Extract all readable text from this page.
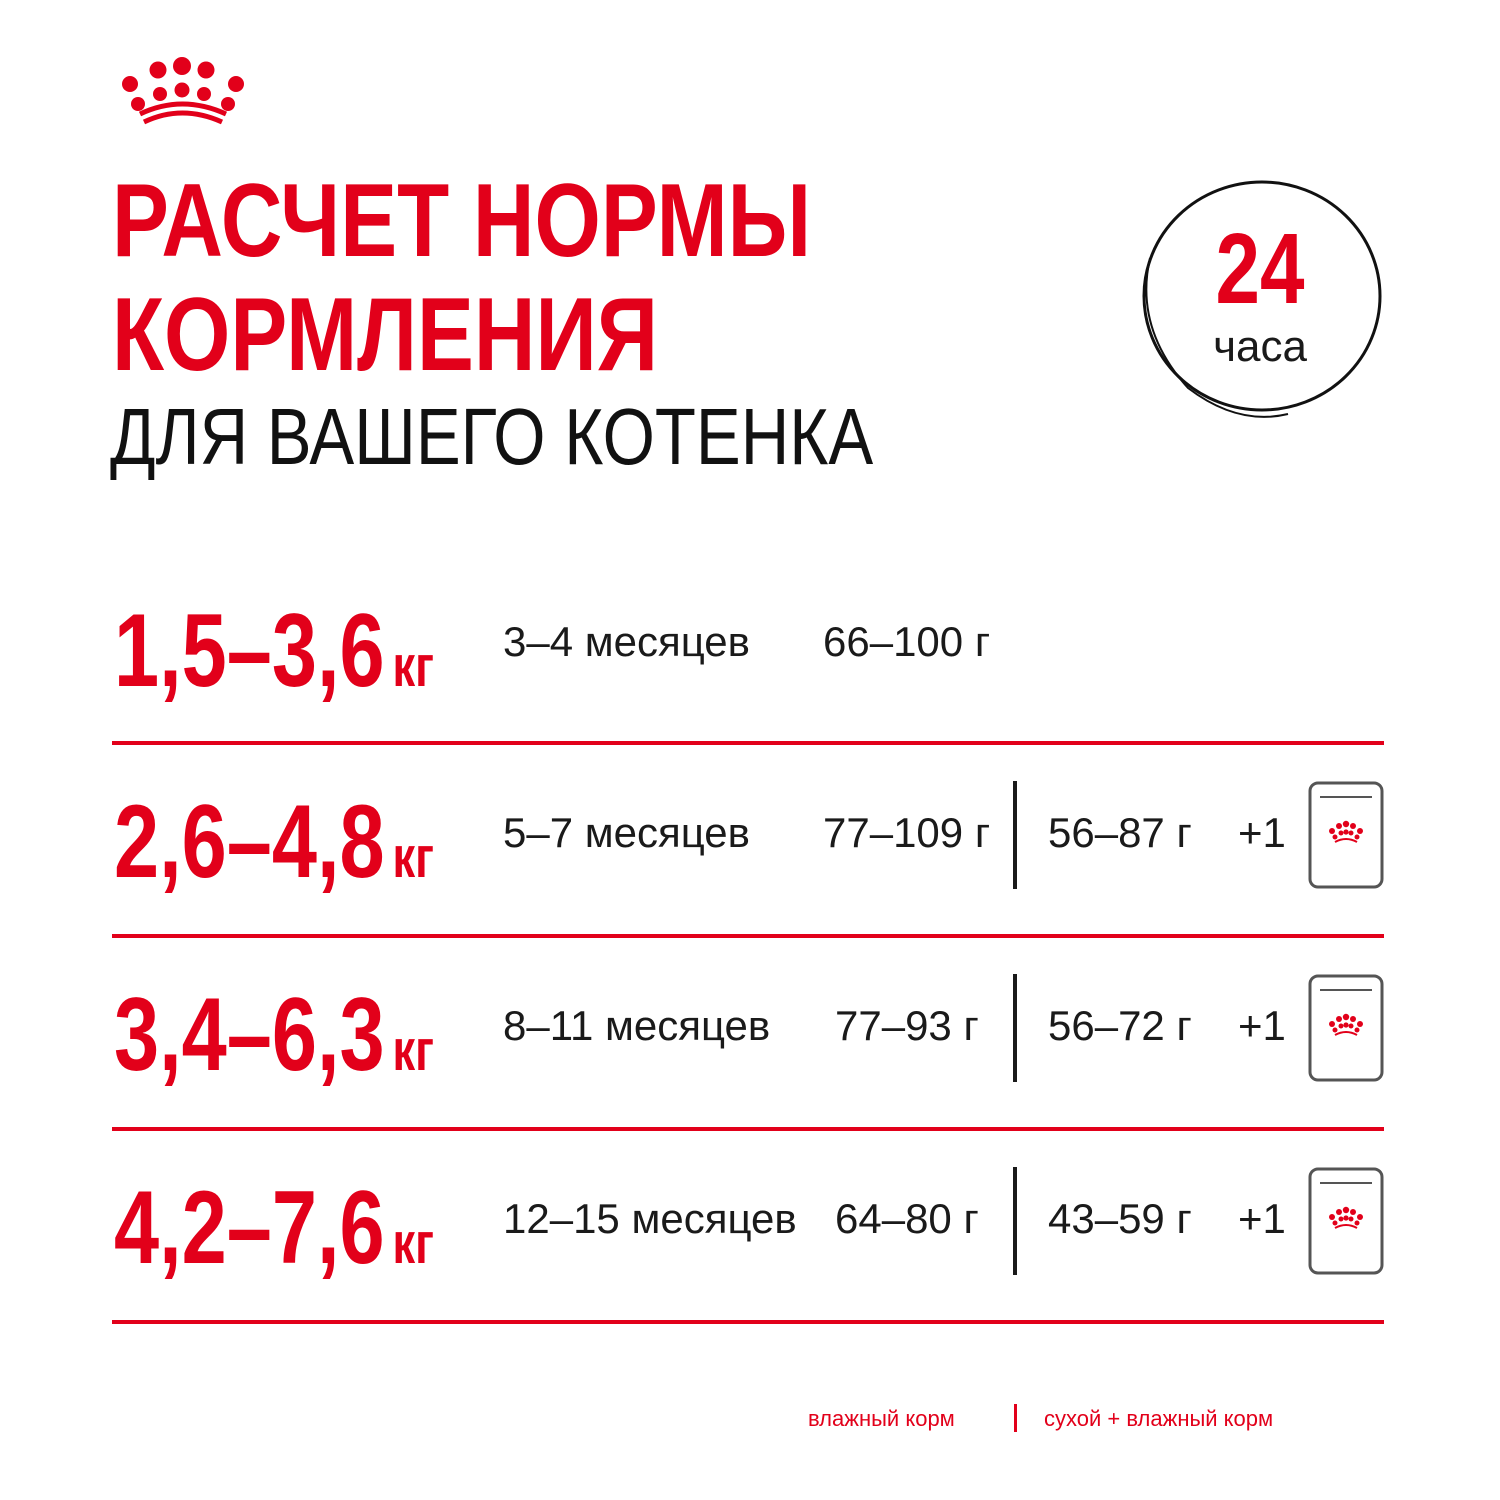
РАСЧЕТ НОРМЫ
КОРМЛЕНИЯ
ДЛЯ ВАШЕГО КОТЕНКА
24
часа
1,5–3,6 кг 3–4 месяцев 66–100 г
2,6–4,8 кг 5–7 месяцев 77–109 г 56–87 г +1
3,4–6,3 кг 8–11 месяцев 77–93 г 56–72 г +1
4,2–7,6 кг 12–15 месяцев 64–80 г 43–59 г +1
влажный корм	сухой + влажный корм
